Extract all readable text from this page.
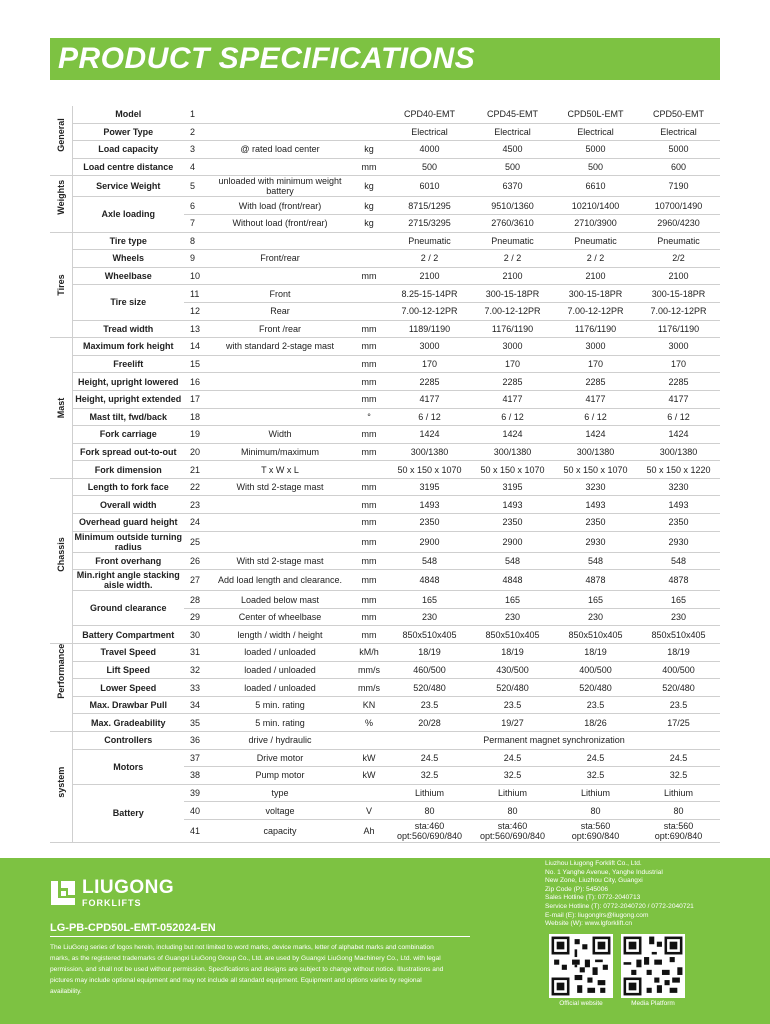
PRODUCT SPECIFICATIONS
General	Model	1			CPD40-EMT	CPD45-EMT	CPD50L-EMT	CPD50-EMT
	Power Type	2			Electrical	Electrical	Electrical	Electrical
	Load capacity	3	@ rated load center	kg	4000	4500	5000	5000
	Load centre distance	4		mm	500	500	500	600

Weights	Service Weight	5	unloaded with minimum weight battery	kg	6010	6370	6610	7190
	Axle loading	6	With load (front/rear)	kg	8715/1295	9510/1360	10210/1400	10700/1490
		7	Without load (front/rear)	kg	2715/3295	2760/3610	2710/3900	2960/4230

Tires	Tire type	8			Pneumatic	Pneumatic	Pneumatic	Pneumatic
	Wheels	9	Front/rear		2 / 2	2 / 2	2 / 2	2/2
	Wheelbase	10		mm	2100	2100	2100	2100
	Tire size	11	Front		8.25-15-14PR	300-15-18PR	300-15-18PR	300-15-18PR
		12	Rear		7.00-12-12PR	7.00-12-12PR	7.00-12-12PR	7.00-12-12PR
	Tread width	13	Front /rear	mm	1189/1190	1176/1190	1176/1190	1176/1190

Mast	Maximum fork height	14	with standard 2-stage mast	mm	3000	3000	3000	3000
	Freelift	15		mm	170	170	170	170
	Height, upright lowered	16		mm	2285	2285	2285	2285
	Height, upright extended	17		mm	4177	4177	4177	4177
	Mast tilt, fwd/back	18		°	6 / 12	6 / 12	6 / 12	6 / 12
	Fork carriage	19	Width	mm	1424	1424	1424	1424
	Fork spread out-to-out	20	Minimum/maximum	mm	300/1380	300/1380	300/1380	300/1380
	Fork dimension	21	T x W x L		50 x 150 x 1070	50 x 150 x 1070	50 x 150 x 1070	50 x 150 x 1220

Chassis	Length to fork face	22	With std 2-stage mast	mm	3195	3195	3230	3230
	Overall width	23		mm	1493	1493	1493	1493
	Overhead guard height	24		mm	2350	2350	2350	2350
	Minimum outside turning radius	25		mm	2900	2900	2930	2930
	Front overhang	26	With std 2-stage mast	mm	548	548	548	548
	Min.right angle stacking aisle width.	27	Add load length and clearance.	mm	4848	4848	4878	4878
	Ground clearance	28	Loaded below mast	mm	165	165	165	165
		29	Center of wheelbase	mm	230	230	230	230
	Battery Compartment	30	length / width / height	mm	850x510x405	850x510x405	850x510x405	850x510x405

Performance	Travel Speed	31	loaded / unloaded	kM/h	18/19	18/19	18/19	18/19
	Lift Speed	32	loaded / unloaded	mm/s	460/500	430/500	400/500	400/500
	Lower Speed	33	loaded / unloaded	mm/s	520/480	520/480	520/480	520/480
	Max. Drawbar Pull	34	5 min. rating	KN	23.5	23.5	23.5	23.5
	Max. Gradeability	35	5 min. rating	%	20/28	19/27	18/26	17/25

system	Controllers	36	drive / hydraulic		Permanent magnet synchronization			
	Motors	37	Drive motor	kW	24.5	24.5	24.5	24.5
		38	Pump motor	kW	32.5	32.5	32.5	32.5
	Battery	39	type		Lithium	Lithium	Lithium	Lithium
		40	voltage	V	80	80	80	80
		41	capacity	Ah	sta:460
opt:560/690/840	sta:460
opt:560/690/840	sta:560
opt:690/840	sta:560
opt:690/840
LIUGONG
FORKLIFTS
LG-PB-CPD50L-EMT-052024-EN
The LiuGong series of logos herein, including but not limited to word marks, device marks, letter of alphabet marks and combination marks, as the registered trademarks of Guangxi LiuGong Group Co., Ltd. are used by Guangxi LiuGong Machinery Co., Ltd. with legal permission, and shall not be used without permission. Specifications and designs are subject to change without notice. Illustrations and pictures may include optional equipment and may not include all standard equipment. Equipment and options varies by regional availability.
Liuzhou Liugong Forklift Co., Ltd.
No. 1 Yanghe Avenue, Yanghe Industrial
New Zone, Liuzhou City, Guangxi
Zip Code (P): 545006
Sales Hotline (T): 0772-2040713
Service Hotline (T): 0772-2040720 / 0772-2040721
E-mail (E): liugonglrs@liugong.com
Website (W): www.lgforklift.cn
Official website	Media Platform
